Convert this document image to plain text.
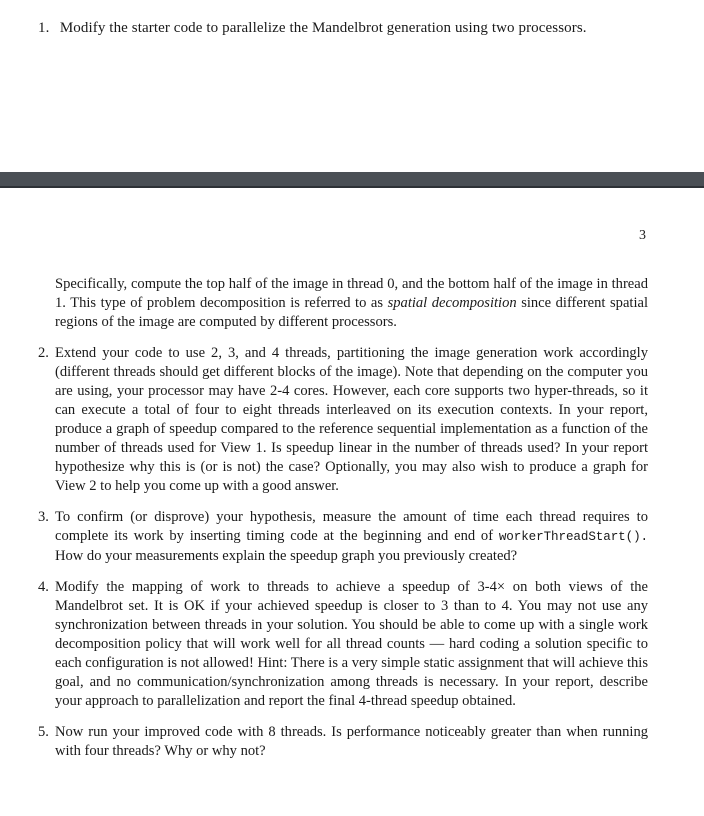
1. Modify the starter code to parallelize the Mandelbrot generation using two processors.
3

Specifically, compute the top half of the image in thread 0, and the bottom half of the image in thread 1. This type of problem decomposition is referred to as spatial decomposition since different spatial regions of the image are computed by different processors.

2. Extend your code to use 2, 3, and 4 threads, partitioning the image generation work accordingly (different threads should get different blocks of the image). Note that depending on the computer you are using, your processor may have 2-4 cores. However, each core supports two hyper-threads, so it can execute a total of four to eight threads interleaved on its execution contexts. In your report, produce a graph of speedup compared to the reference sequential implementation as a function of the number of threads used for View 1. Is speedup linear in the number of threads used? In your report hypothesize why this is (or is not) the case? Optionally, you may also wish to produce a graph for View 2 to help you come up with a good answer.
3. To confirm (or disprove) your hypothesis, measure the amount of time each thread requires to complete its work by inserting timing code at the beginning and end of workerThreadStart(). How do your measurements explain the speedup graph you previously created?
4. Modify the mapping of work to threads to achieve a speedup of 3-4× on both views of the Mandelbrot set. It is OK if your achieved speedup is closer to 3 than to 4. You may not use any synchronization between threads in your solution. You should be able to come up with a single work decomposition policy that will work well for all thread counts — hard coding a solution specific to each configuration is not allowed! Hint: There is a very simple static assignment that will achieve this goal, and no communication/synchronization among threads is necessary. In your report, describe your approach to parallelization and report the final 4-thread speedup obtained.
5. Now run your improved code with 8 threads. Is performance noticeably greater than when running with four threads? Why or why not?
